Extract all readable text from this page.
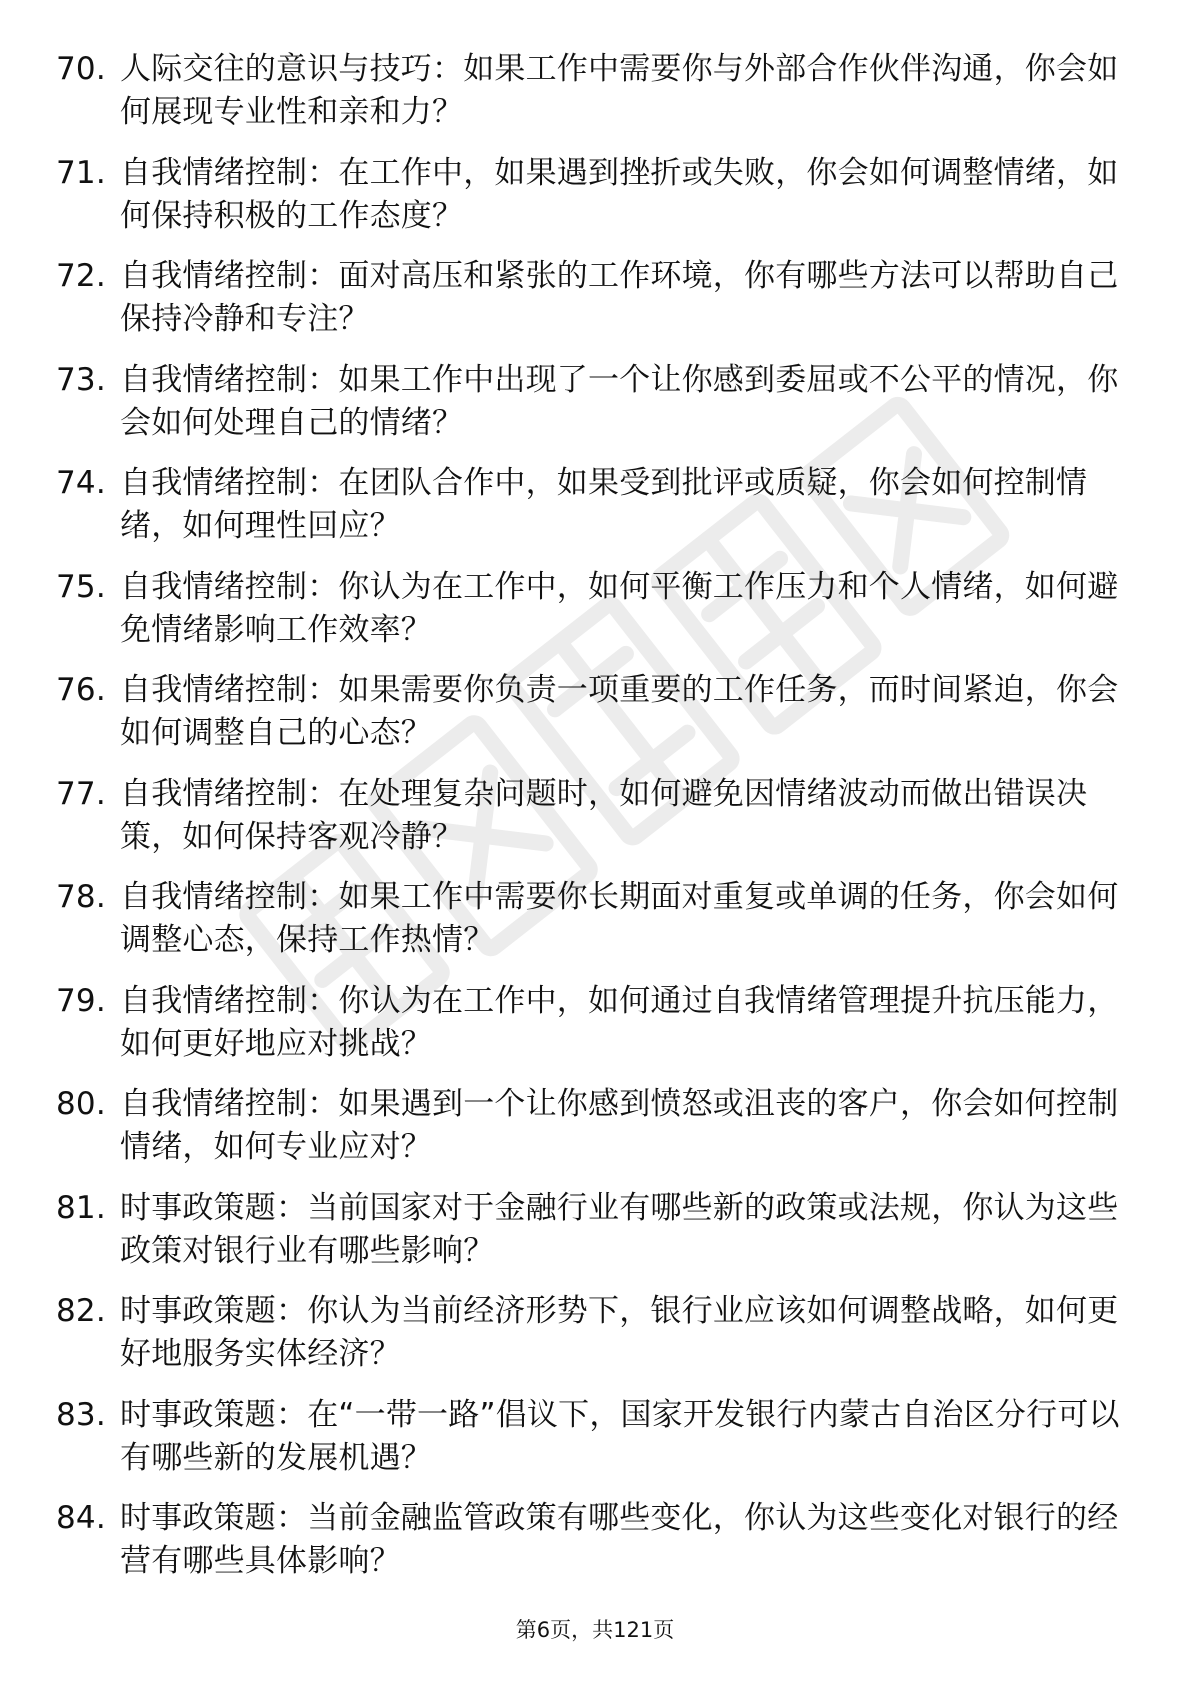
70. 人际交往的意识与技巧：如果工作中需要你与外部合作伙伴沟通，你会如何展现专业性和亲和力？
71. 自我情绪控制：在工作中，如果遇到挫折或失败，你会如何调整情绪，如何保持积极的工作态度？
72. 自我情绪控制：面对高压和紧张的工作环境，你有哪些方法可以帮助自己保持冷静和专注？
73. 自我情绪控制：如果工作中出现了一个让你感到委屈或不公平的情况，你会如何处理自己的情绪？
74. 自我情绪控制：在团队合作中，如果受到批评或质疑，你会如何控制情绪，如何理性回应？
75. 自我情绪控制：你认为在工作中，如何平衡工作压力和个人情绪，如何避免情绪影响工作效率？
76. 自我情绪控制：如果需要你负责一项重要的工作任务，而时间紧迫，你会如何调整自己的心态？
77. 自我情绪控制：在处理复杂问题时，如何避免因情绪波动而做出错误决策，如何保持客观冷静？
78. 自我情绪控制：如果工作中需要你长期面对重复或单调的任务，你会如何调整心态，保持工作热情？
79. 自我情绪控制：你认为在工作中，如何通过自我情绪管理提升抗压能力，如何更好地应对挑战？
80. 自我情绪控制：如果遇到一个让你感到愤怒或沮丧的客户，你会如何控制情绪，如何专业应对？
81. 时事政策题：当前国家对于金融行业有哪些新的政策或法规，你认为这些政策对银行业有哪些影响？
82. 时事政策题：你认为当前经济形势下，银行业应该如何调整战略，如何更好地服务实体经济？
83. 时事政策题：在“一带一路”倡议下，国家开发银行内蒙古自治区分行可以有哪些新的发展机遇？
84. 时事政策题：当前金融监管政策有哪些变化，你认为这些变化对银行的经营有哪些具体影响？
第6页，共121页
